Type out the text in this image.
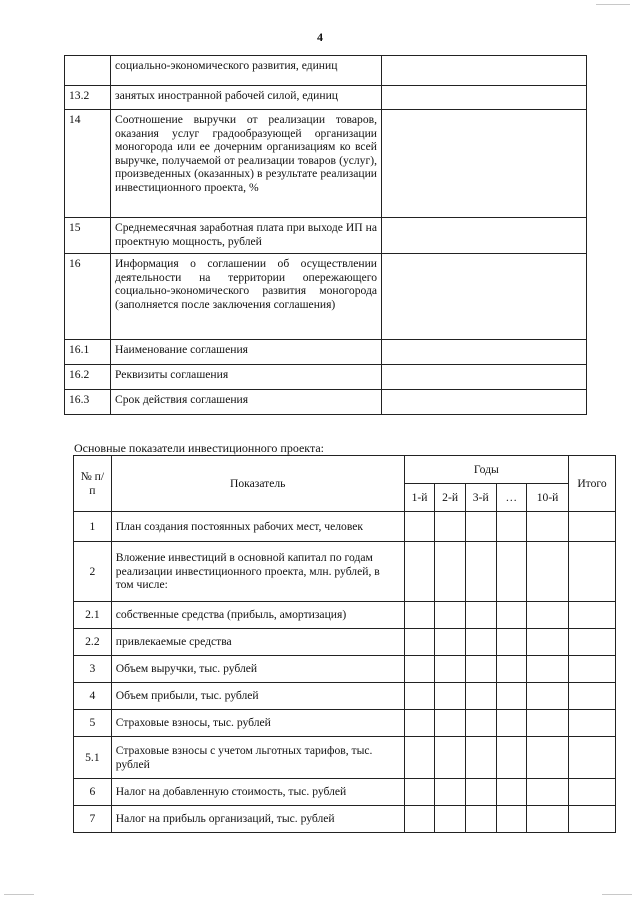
4
	социально-экономического развития, единиц	
13.2	занятых иностранной рабочей силой, единиц	
14	Соотношение выручки от реализации товаров, оказания услуг градообразующей организации моногорода или ее дочерним организациям ко всей выручке, получаемой от реализации товаров (услуг), произведенных (оказанных) в результате реализации инвестиционного проекта, %	
15	Среднемесячная заработная плата при выходе ИП на проектную мощность, рублей	
16	Информация о соглашении об осуществлении деятельности на территории опережающего социально-экономического развития моногорода (заполняется после заключения соглашения)	
16.1	Наименование соглашения	
16.2	Реквизиты соглашения	
16.3	Срок действия соглашения	
Основные показатели инвестиционного проекта:
№ п/п	Показатель	Годы					Итого
		1-й	2-й	3-й	…	10-й	
1	План создания постоянных рабочих мест, человек						
2	Вложение инвестиций в основной капитал по годам реализации инвестиционного проекта, млн. рублей, в том числе:						
2.1	собственные средства (прибыль, амортизация)						
2.2	привлекаемые средства						
3	Объем выручки, тыс. рублей						
4	Объем прибыли, тыс. рублей						
5	Страховые взносы, тыс. рублей						
5.1	Страховые взносы с учетом льготных тарифов, тыс. рублей						
6	Налог на добавленную стоимость, тыс. рублей						
7	Налог на прибыль организаций, тыс. рублей						
